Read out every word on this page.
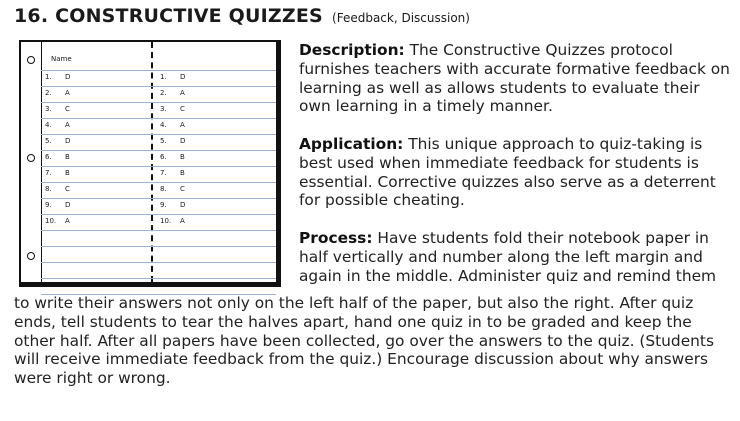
16. CONSTRUCTIVE QUIZZES (Feedback, Discussion)
Name
1. D
2. A
3. C
4. A
5. D
6. B
7. B
8. C
9. D
10. A
1. D
2. A
3. C
4. A
5. D
6. B
7. B
8. C
9. D
10. A
Description: The Constructive Quizzes protocol
furnishes teachers with accurate formative feedback on
learning as well as allows students to evaluate their
own learning in a timely manner.
Application: This unique approach to quiz-taking is
best used when immediate feedback for students is
essential. Corrective quizzes also serve as a deterrent
for possible cheating.
Process: Have students fold their notebook paper in
half vertically and number along the left margin and
again in the middle. Administer quiz and remind them
to write their answers not only on the left half of the paper, but also the right. After quiz
ends, tell students to tear the halves apart, hand one quiz in to be graded and keep the
other half. After all papers have been collected, go over the answers to the quiz. (Students
will receive immediate feedback from the quiz.) Encourage discussion about why answers
were right or wrong.
